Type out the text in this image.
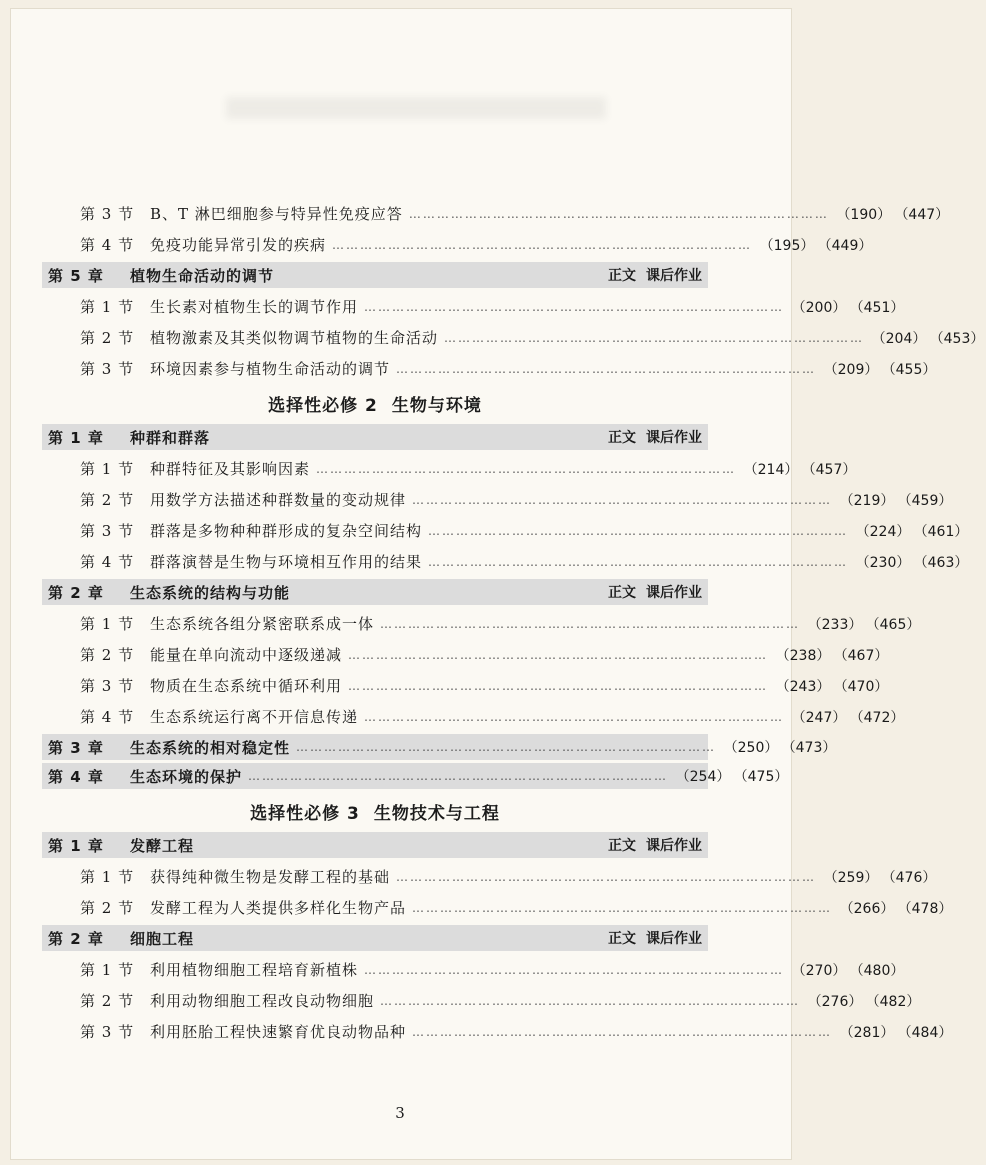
第 3 节	B、T 淋巴细胞参与特异性免疫应答 ……………………………………………………………………………… （190） （447）
第 4 节	免疫功能异常引发的疾病 ……………………………………………………………………………… （195） （449）
第 5 章	植物生命活动的调节	正文 课后作业
第 1 节	生长素对植物生长的调节作用 ……………………………………………………………………………… （200） （451）
第 2 节	植物激素及其类似物调节植物的生命活动 ……………………………………………………………………………… （204） （453）
第 3 节	环境因素参与植物生命活动的调节 ……………………………………………………………………………… （209） （455）
选择性必修 2 生物与环境
第 1 章	种群和群落	正文 课后作业
第 1 节	种群特征及其影响因素 ……………………………………………………………………………… （214） （457）
第 2 节	用数学方法描述种群数量的变动规律 ……………………………………………………………………………… （219） （459）
第 3 节	群落是多物种种群形成的复杂空间结构 ……………………………………………………………………………… （224） （461）
第 4 节	群落演替是生物与环境相互作用的结果 ……………………………………………………………………………… （230） （463）
第 2 章	生态系统的结构与功能	正文 课后作业
第 1 节	生态系统各组分紧密联系成一体 ……………………………………………………………………………… （233） （465）
第 2 节	能量在单向流动中逐级递减 ……………………………………………………………………………… （238） （467）
第 3 节	物质在生态系统中循环利用 ……………………………………………………………………………… （243） （470）
第 4 节	生态系统运行离不开信息传递 ……………………………………………………………………………… （247） （472）
第 3 章	生态系统的相对稳定性 ……………………………………………………………………………… （250） （473）
第 4 章	生态环境的保护 ……………………………………………………………………………… （254） （475）
选择性必修 3 生物技术与工程
第 1 章	发酵工程	正文 课后作业
第 1 节	获得纯种微生物是发酵工程的基础 ……………………………………………………………………………… （259） （476）
第 2 节	发酵工程为人类提供多样化生物产品 ……………………………………………………………………………… （266） （478）
第 2 章	细胞工程	正文 课后作业
第 1 节	利用植物细胞工程培育新植株 ……………………………………………………………………………… （270） （480）
第 2 节	利用动物细胞工程改良动物细胞 ……………………………………………………………………………… （276） （482）
第 3 节	利用胚胎工程快速繁育优良动物品种 ……………………………………………………………………………… （281） （484）
3
